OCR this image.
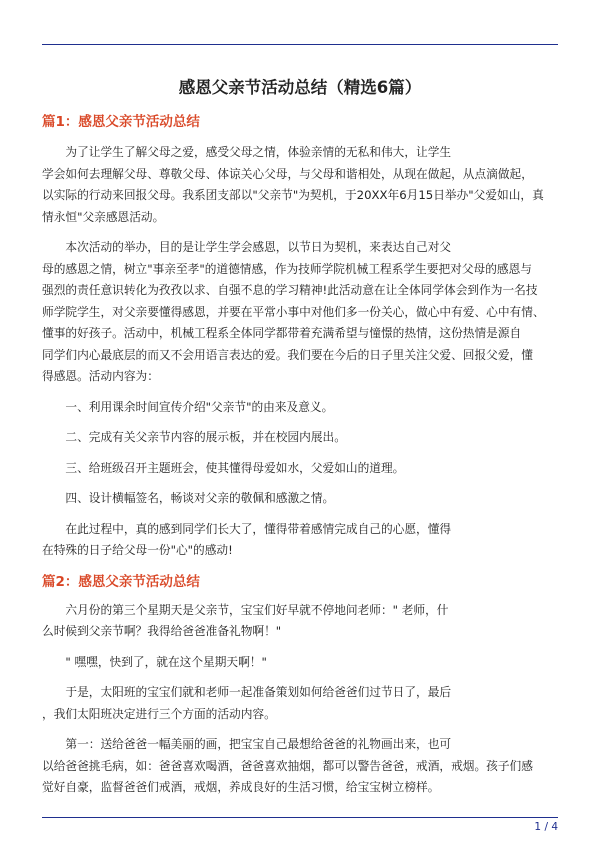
感恩父亲节活动总结（精选6篇）
篇1：感恩父亲节活动总结

为了让学生了解父母之爱，感受父母之情，体验亲情的无私和伟大，让学生

学会如何去理解父母、尊敬父母、体谅关心父母，与父母和谐相处，从现在做起，从点滴做起，

以实际的行动来回报父母。我系团支部以"父亲节"为契机，于20XX年6月15日举办"父爱如山，真

情永恒"父亲感恩活动。

本次活动的举办，目的是让学生学会感恩，以节日为契机，来表达自己对父

母的感恩之情，树立"事亲至孝"的道德情感，作为技师学院机械工程系学生要把对父母的感恩与

强烈的责任意识转化为孜孜以求、自强不息的学习精神!此活动意在让全体同学体会到作为一名技

师学院学生，对父亲要懂得感恩，并要在平常小事中对他们多一份关心，做心中有爱、心中有情、

懂事的好孩子。活动中，机械工程系全体同学都带着充满希望与憧憬的热情，这份热情是源自

同学们内心最底层的而又不会用语言表达的爱。我们要在今后的日子里关注父爱、回报父爱，懂

得感恩。活动内容为：

一、利用课余时间宣传介绍"父亲节"的由来及意义。

二、完成有关父亲节内容的展示板，并在校园内展出。

三、给班级召开主题班会，使其懂得母爱如水，父爱如山的道理。

四、设计横幅签名，畅谈对父亲的敬佩和感激之情。

在此过程中，真的感到同学们长大了，懂得带着感情完成自己的心愿，懂得

在特殊的日子给父母一份"心"的感动!

篇2：感恩父亲节活动总结

六月份的第三个星期天是父亲节，宝宝们好早就不停地问老师：" 老师，什

么时候到父亲节啊？我得给爸爸准备礼物啊！"

" 嘿嘿，快到了，就在这个星期天啊！"

于是，太阳班的宝宝们就和老师一起准备策划如何给爸爸们过节日了，最后

，我们太阳班决定进行三个方面的活动内容。

第一：送给爸爸一幅美丽的画，把宝宝自己最想给爸爸的礼物画出来，也可

以给爸爸挑毛病，如：爸爸喜欢喝酒，爸爸喜欢抽烟，都可以警告爸爸，戒酒，戒烟。孩子们感

觉好自豪，监督爸爸们戒酒，戒烟，养成良好的生活习惯，给宝宝树立榜样。

1 / 4
